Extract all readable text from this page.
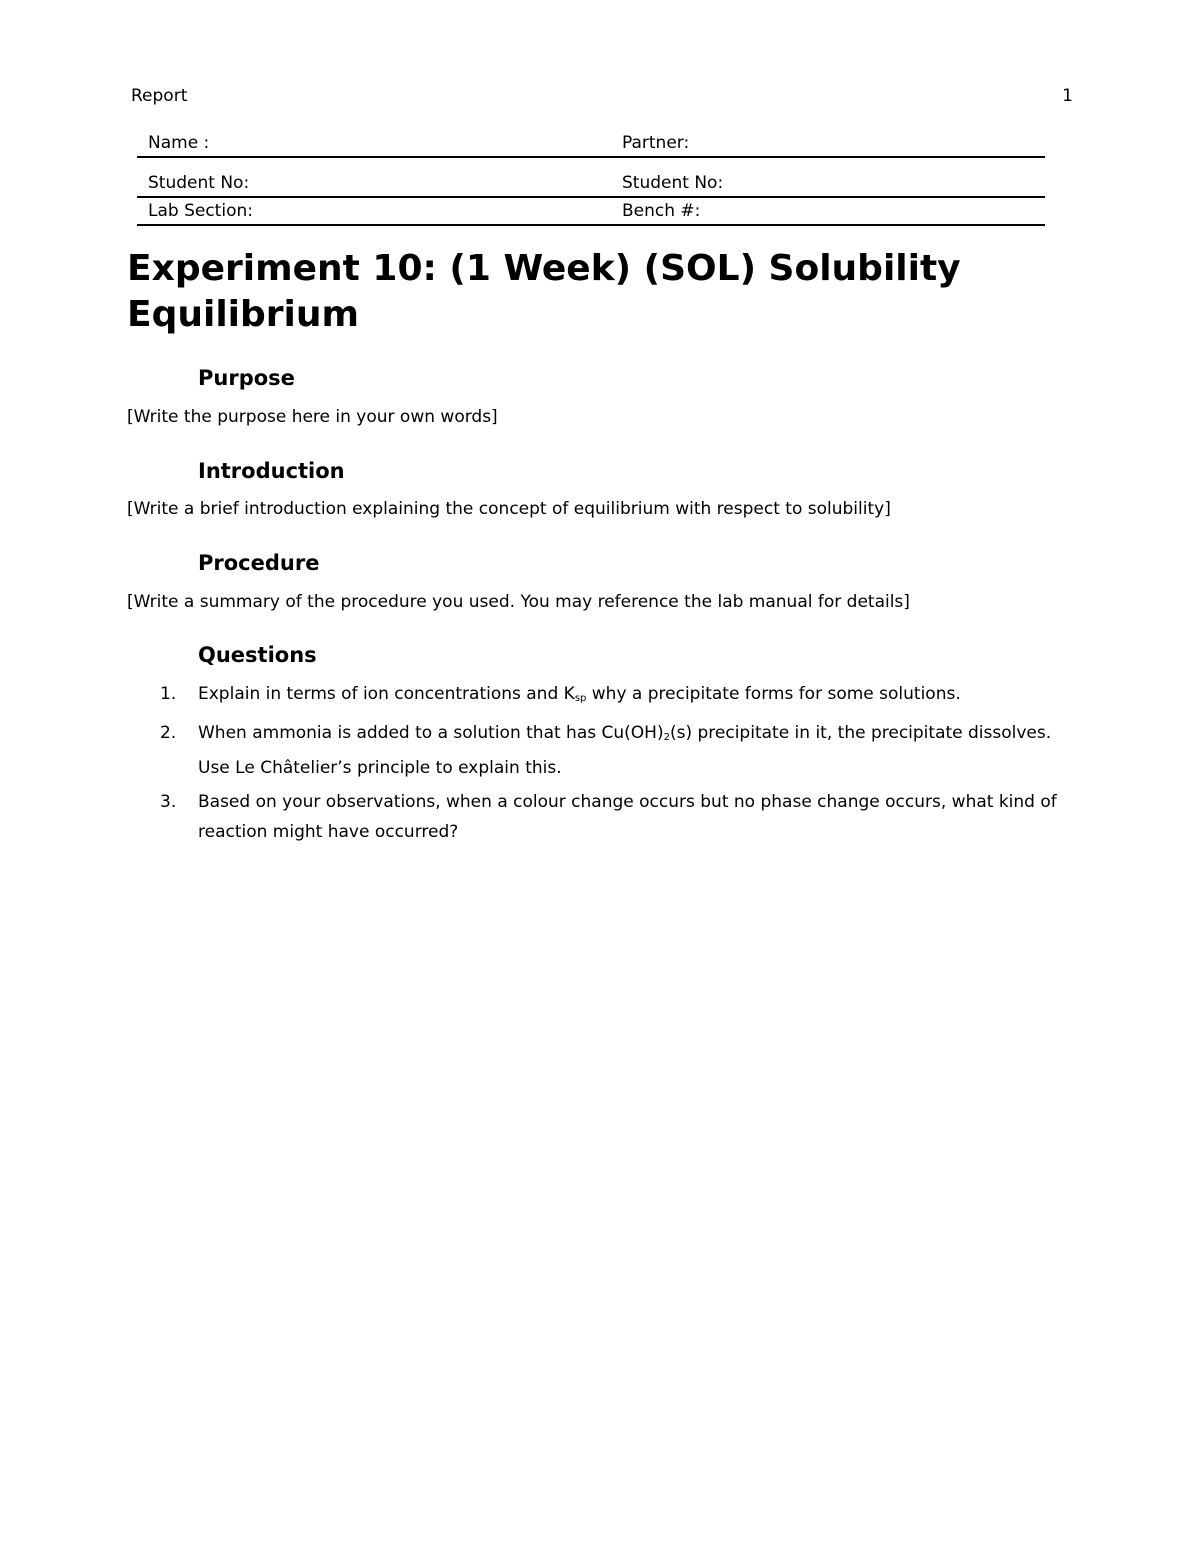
Report	1
Name :	Partner:
Student No:	Student No:
Lab Section:	Bench #:
Experiment 10: (1 Week) (SOL) Solubility
Equilibrium
Purpose

[Write the purpose here in your own words]

Introduction

[Write a brief introduction explaining the concept of equilibrium with respect to solubility]

Procedure

[Write a summary of the procedure you used. You may reference the lab manual for details]

Questions
1. Explain in terms of ion concentrations and $K_{sp}$ why a precipitate forms for some solutions.
2. When ammonia is added to a solution that has $Cu(OH)_2(s)$ precipitate in it, the precipitate dissolves. Use Le Châtelier’s principle to explain this.
3. Based on your observations, when a colour change occurs but no phase change occurs, what kind of reaction might have occurred?
